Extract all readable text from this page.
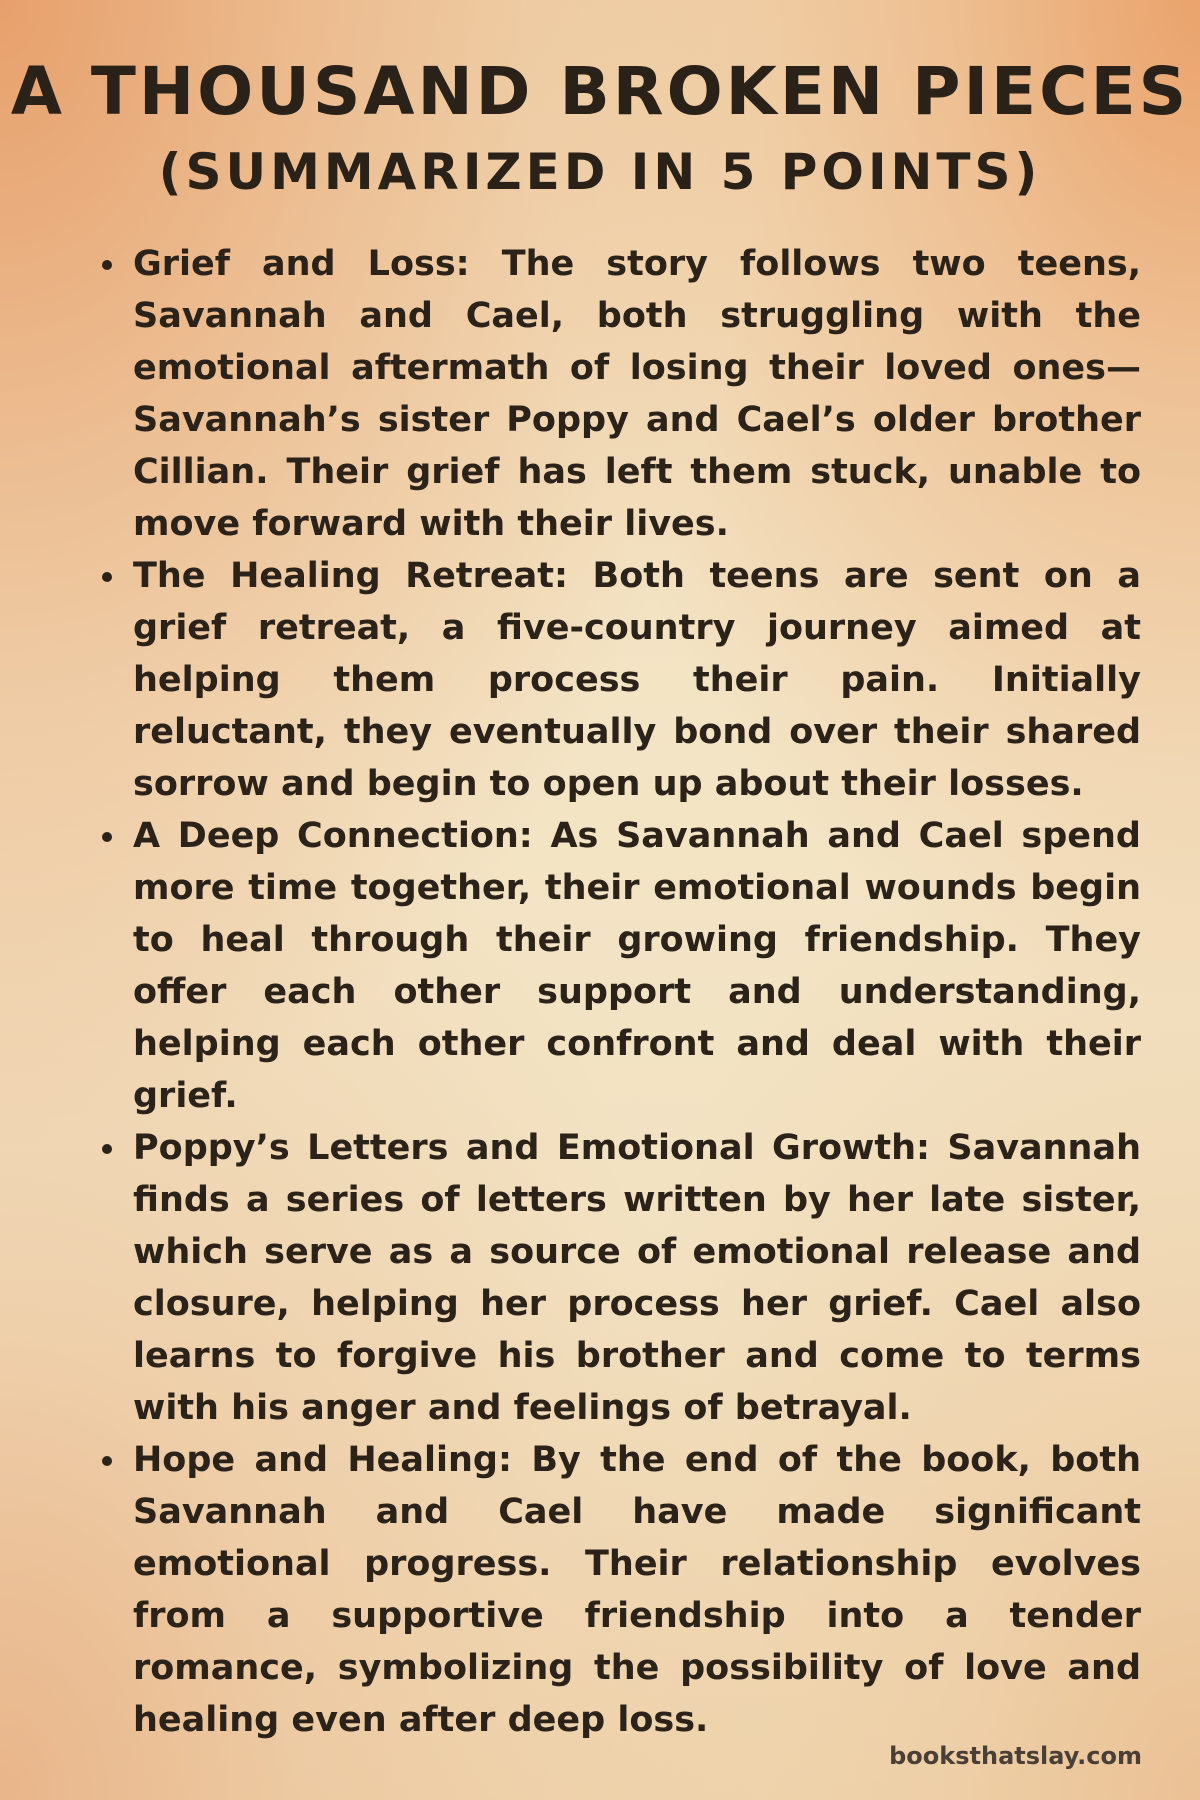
A THOUSAND BROKEN PIECES
(SUMMARIZED IN 5 POINTS)
Grief and Loss: The story follows two teens, Savannah and Cael, both struggling with the emotional aftermath of losing their loved ones—Savannah’s sister Poppy and Cael’s older brother Cillian. Their grief has left them stuck, unable to move forward with their lives.
The Healing Retreat: Both teens are sent on a grief retreat, a five-country journey aimed at helping them process their pain. Initially reluctant, they eventually bond over their shared sorrow and begin to open up about their losses.
A Deep Connection: As Savannah and Cael spend more time together, their emotional wounds begin to heal through their growing friendship. They offer each other support and understanding, helping each other confront and deal with their grief.
Poppy’s Letters and Emotional Growth: Savannah finds a series of letters written by her late sister, which serve as a source of emotional release and closure, helping her process her grief. Cael also learns to forgive his brother and come to terms with his anger and feelings of betrayal.
Hope and Healing: By the end of the book, both Savannah and Cael have made significant emotional progress. Their relationship evolves from a supportive friendship into a tender romance, symbolizing the possibility of love and healing even after deep loss.
booksthatslay.com
